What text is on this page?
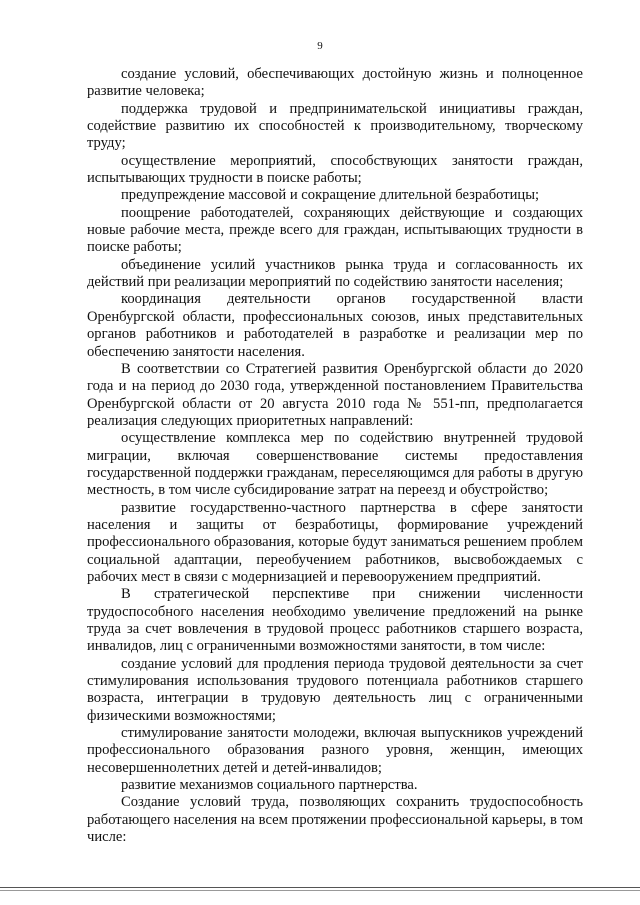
9

создание условий, обеспечивающих достойную жизнь и полноценное развитие человека;

поддержка трудовой и предпринимательской инициативы граждан, содействие развитию их способностей к производительному, творческому труду;

осуществление мероприятий, способствующих занятости граждан, испытывающих трудности в поиске работы;

предупреждение массовой и сокращение длительной безработицы;

поощрение работодателей, сохраняющих действующие и создающих новые рабочие места, прежде всего для граждан, испытывающих трудности в поиске работы;

объединение усилий участников рынка труда и согласованность их действий при реализации мероприятий по содействию занятости населения;

координация деятельности органов государственной власти Оренбургской области, профессиональных союзов, иных представительных органов работников и работодателей в разработке и реализации мер по обеспечению занятости населения.

В соответствии со Стратегией развития Оренбургской области до 2020 года и на период до 2030 года, утвержденной постановлением Правительства Оренбургской области от 20 августа 2010 года № 551-пп, предполагается реализация следующих приоритетных направлений:

осуществление комплекса мер по содействию внутренней трудовой миграции, включая совершенствование системы предоставления государственной поддержки гражданам, переселяющимся для работы в другую местность, в том числе субсидирование затрат на переезд и обустройство;

развитие государственно-частного партнерства в сфере занятости населения и защиты от безработицы, формирование учреждений профессионального образования, которые будут заниматься решением проблем социальной адаптации, переобучением работников, высвобождаемых с рабочих мест в связи с модернизацией и перевооружением предприятий.

В стратегической перспективе при снижении численности трудоспособного населения необходимо увеличение предложений на рынке труда за счет вовлечения в трудовой процесс работников старшего возраста, инвалидов, лиц с ограниченными возможностями занятости, в том числе:

создание условий для продления периода трудовой деятельности за счет стимулирования использования трудового потенциала работников старшего возраста, интеграции в трудовую деятельность лиц с ограниченными физическими возможностями;

стимулирование занятости молодежи, включая выпускников учреждений профессионального образования разного уровня, женщин, имеющих несовершеннолетних детей и детей-инвалидов;

развитие механизмов социального партнерства.

Создание условий труда, позволяющих сохранить трудоспособность работающего населения на всем протяжении профессиональной карьеры, в том числе:
